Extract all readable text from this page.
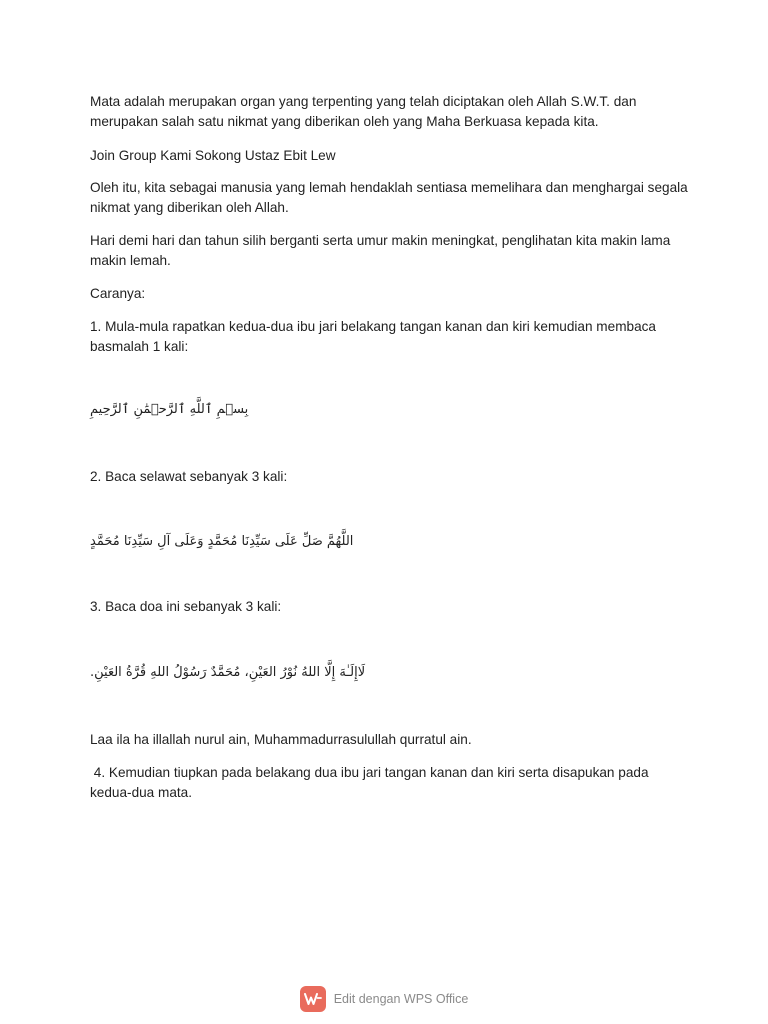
Mata adalah merupakan organ yang terpenting yang telah diciptakan oleh Allah S.W.T. dan merupakan salah satu nikmat yang diberikan oleh yang Maha Berkuasa kepada kita.

Join Group Kami Sokong Ustaz Ebit Lew

Oleh itu, kita sebagai manusia yang lemah hendaklah sentiasa memelihara dan menghargai segala nikmat yang diberikan oleh Allah.

Hari demi hari dan tahun silih berganti serta umur makin meningkat, penglihatan kita makin lama makin lemah.

Caranya:

1. Mula-mula rapatkan kedua-dua ibu jari belakang tangan kanan dan kiri kemudian membaca basmalah 1 kali:

بِسۡمِ ٱللَّهِ ٱلرَّحۡمَٰنِ ٱلرَّحِيمِ

2. Baca selawat sebanyak 3 kali:

اللَّهُمَّ صَلِّ عَلَى سَيِّدِنَا مُحَمَّدٍ وَعَلَى آلِ سَيِّدِنَا مُحَمَّدٍ

3. Baca doa ini sebanyak 3 kali:

لَاإِلَـٰهَ إِلَّا اللهُ نُوْرُ العَيْنِ، مُحَمَّدٌ رَسُوْلُ اللهِ قُرَّةُ العَيْنِ.

Laa ila ha illallah nurul ain, Muhammadurrasulullah qurratul ain.

4. Kemudian tiupkan pada belakang dua ibu jari tangan kanan dan kiri serta disapukan pada kedua-dua mata.

Edit dengan WPS Office
